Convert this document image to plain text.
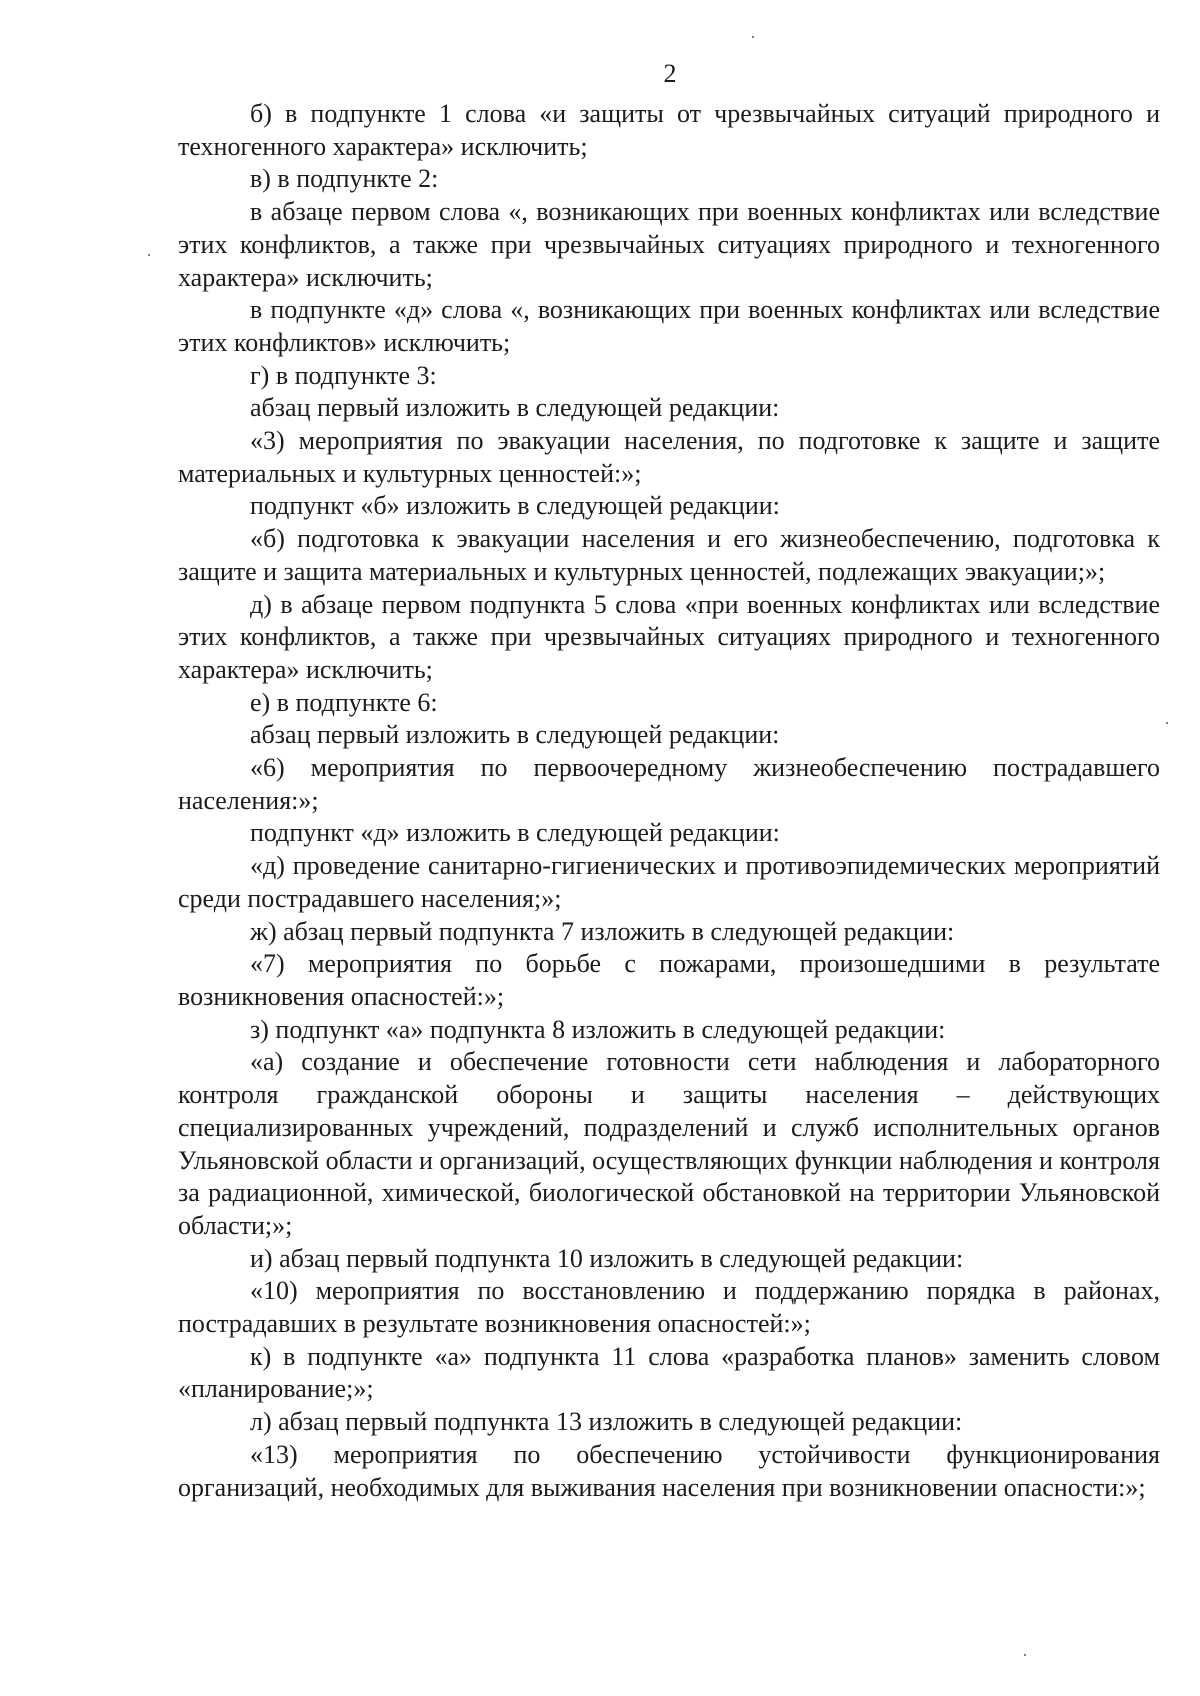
2

б) в подпункте 1 слова «и защиты от чрезвычайных ситуаций природного и техногенного характера» исключить;

в) в подпункте 2:

в абзаце первом слова «, возникающих при военных конфликтах или вследствие этих конфликтов, а также при чрезвычайных ситуациях природного и техногенного характера» исключить;

в подпункте «д» слова «, возникающих при военных конфликтах или вследствие этих конфликтов» исключить;

г) в подпункте 3:

абзац первый изложить в следующей редакции:

«3) мероприятия по эвакуации населения, по подготовке к защите и защите материальных и культурных ценностей:»;

подпункт «б» изложить в следующей редакции:

«б) подготовка к эвакуации населения и его жизнеобеспечению, подготовка к защите и защита материальных и культурных ценностей, подлежащих эвакуации;»;

д) в абзаце первом подпункта 5 слова «при военных конфликтах или вследствие этих конфликтов, а также при чрезвычайных ситуациях природного и техногенного характера» исключить;

е) в подпункте 6:

абзац первый изложить в следующей редакции:

«6) мероприятия по первоочередному жизнеобеспечению пострадавшего населения:»;

подпункт «д» изложить в следующей редакции:

«д) проведение санитарно-гигиенических и противоэпидемических мероприятий среди пострадавшего населения;»;

ж) абзац первый подпункта 7 изложить в следующей редакции:

«7) мероприятия по борьбе с пожарами, произошедшими в результате возникновения опасностей:»;

з) подпункт «а» подпункта 8 изложить в следующей редакции:

«а) создание и обеспечение готовности сети наблюдения и лабораторного контроля гражданской обороны и защиты населения – действующих специализированных учреждений, подразделений и служб исполнительных органов Ульяновской области и организаций, осуществляющих функции наблюдения и контроля за радиационной, химической, биологической обстановкой на территории Ульяновской области;»;

и) абзац первый подпункта 10 изложить в следующей редакции:

«10) мероприятия по восстановлению и поддержанию порядка в районах, пострадавших в результате возникновения опасностей:»;

к) в подпункте «а» подпункта 11 слова «разработка планов» заменить словом «планирование;»;

л) абзац первый подпункта 13 изложить в следующей редакции:

«13) мероприятия по обеспечению устойчивости функционирования организаций, необходимых для выживания населения при возникновении опасности:»;
